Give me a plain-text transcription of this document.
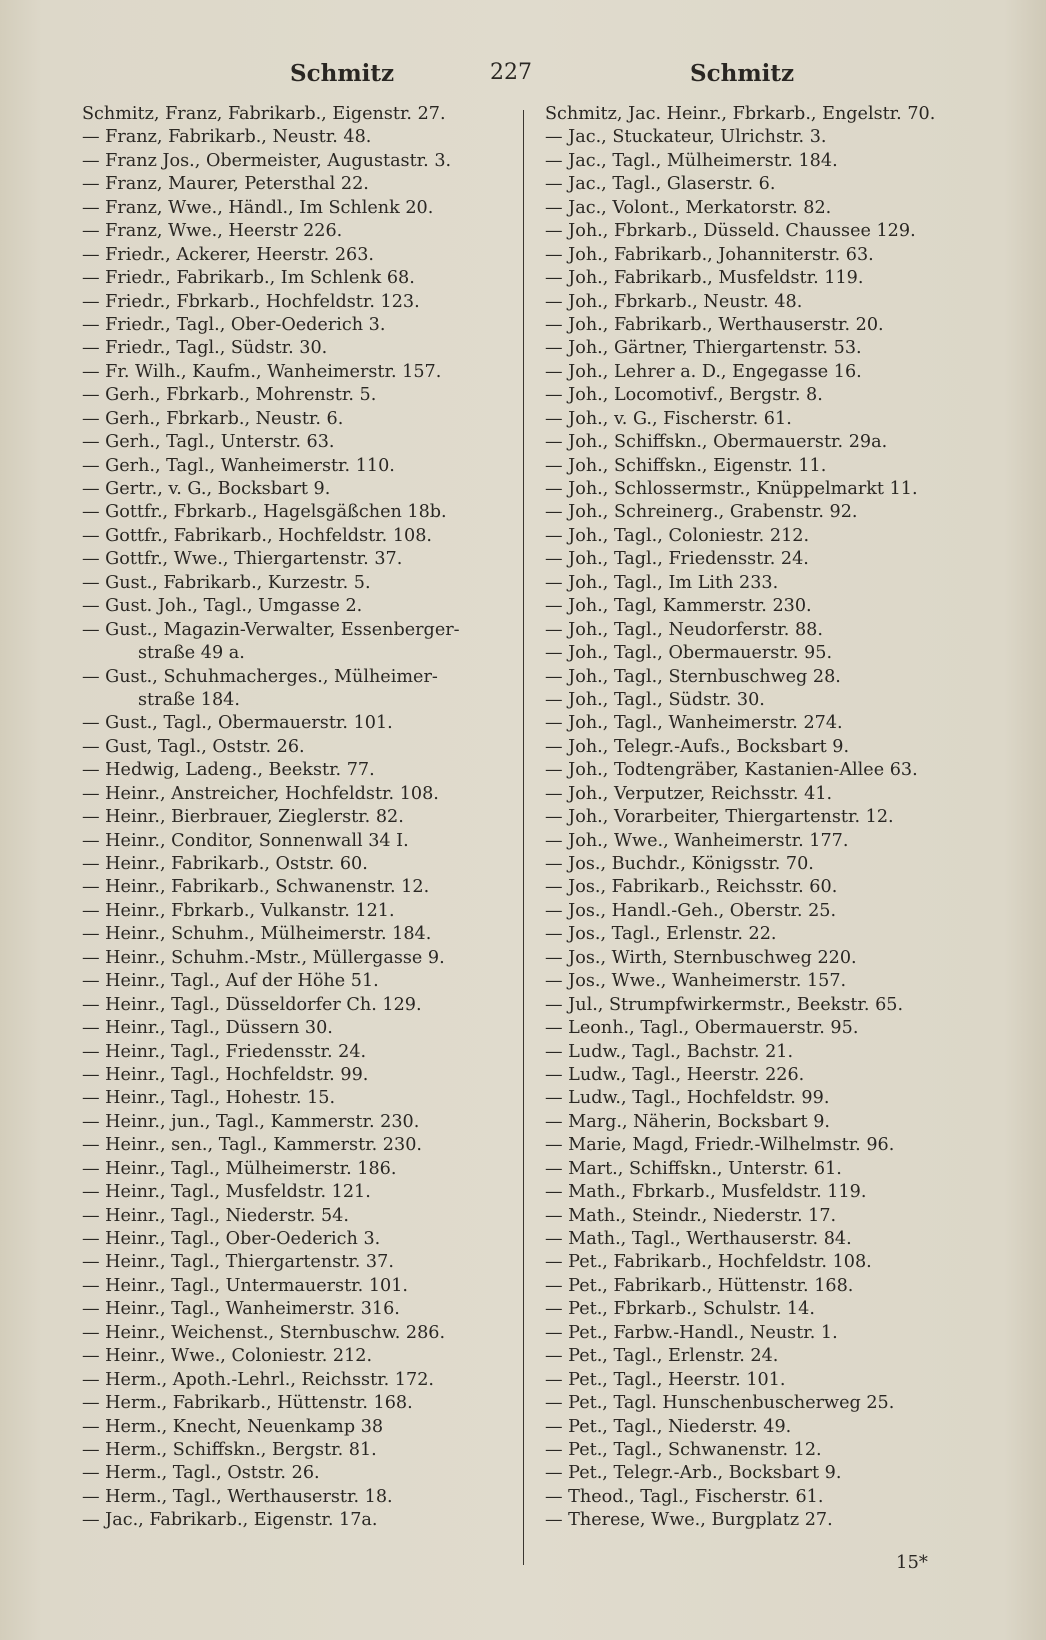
Schmitz	227	Schmitz
Schmitz, Franz, Fabrikarb., Eigenstr. 27.
— Franz, Fabrikarb., Neustr. 48.
— Franz Jos., Obermeister, Augustastr. 3.
— Franz, Maurer, Petersthal 22.
— Franz, Wwe., Händl., Im Schlenk 20.
— Franz, Wwe., Heerstr 226.
— Friedr., Ackerer, Heerstr. 263.
— Friedr., Fabrikarb., Im Schlenk 68.
— Friedr., Fbrkarb., Hochfeldstr. 123.
— Friedr., Tagl., Ober-Oederich 3.
— Friedr., Tagl., Südstr. 30.
— Fr. Wilh., Kaufm., Wanheimerstr. 157.
— Gerh., Fbrkarb., Mohrenstr. 5.
— Gerh., Fbrkarb., Neustr. 6.
— Gerh., Tagl., Unterstr. 63.
— Gerh., Tagl., Wanheimerstr. 110.
— Gertr., v. G., Bocksbart 9.
— Gottfr., Fbrkarb., Hagelsgäßchen 18b.
— Gottfr., Fabrikarb., Hochfeldstr. 108.
— Gottfr., Wwe., Thiergartenstr. 37.
— Gust., Fabrikarb., Kurzestr. 5.
— Gust. Joh., Tagl., Umgasse 2.
— Gust., Magazin-Verwalter, Essenberger-
straße 49 a.
— Gust., Schuhmacherges., Mülheimer-
straße 184.
— Gust., Tagl., Obermauerstr. 101.
— Gust, Tagl., Oststr. 26.
— Hedwig, Ladeng., Beekstr. 77.
— Heinr., Anstreicher, Hochfeldstr. 108.
— Heinr., Bierbrauer, Zieglerstr. 82.
— Heinr., Conditor, Sonnenwall 34 I.
— Heinr., Fabrikarb., Oststr. 60.
— Heinr., Fabrikarb., Schwanenstr. 12.
— Heinr., Fbrkarb., Vulkanstr. 121.
— Heinr., Schuhm., Mülheimerstr. 184.
— Heinr., Schuhm.-Mstr., Müllergasse 9.
— Heinr., Tagl., Auf der Höhe 51.
— Heinr., Tagl., Düsseldorfer Ch. 129.
— Heinr., Tagl., Düssern 30.
— Heinr., Tagl., Friedensstr. 24.
— Heinr., Tagl., Hochfeldstr. 99.
— Heinr., Tagl., Hohestr. 15.
— Heinr., jun., Tagl., Kammerstr. 230.
— Heinr., sen., Tagl., Kammerstr. 230.
— Heinr., Tagl., Mülheimerstr. 186.
— Heinr., Tagl., Musfeldstr. 121.
— Heinr., Tagl., Niederstr. 54.
— Heinr., Tagl., Ober-Oederich 3.
— Heinr., Tagl., Thiergartenstr. 37.
— Heinr., Tagl., Untermauerstr. 101.
— Heinr., Tagl., Wanheimerstr. 316.
— Heinr., Weichenst., Sternbuschw. 286.
— Heinr., Wwe., Coloniestr. 212.
— Herm., Apoth.-Lehrl., Reichsstr. 172.
— Herm., Fabrikarb., Hüttenstr. 168.
— Herm., Knecht, Neuenkamp 38
— Herm., Schiffskn., Bergstr. 81.
— Herm., Tagl., Oststr. 26.
— Herm., Tagl., Werthauserstr. 18.
— Jac., Fabrikarb., Eigenstr. 17a.
Schmitz, Jac. Heinr., Fbrkarb., Engelstr. 70.
— Jac., Stuckateur, Ulrichstr. 3.
— Jac., Tagl., Mülheimerstr. 184.
— Jac., Tagl., Glaserstr. 6.
— Jac., Volont., Merkatorstr. 82.
— Joh., Fbrkarb., Düsseld. Chaussee 129.
— Joh., Fabrikarb., Johanniterstr. 63.
— Joh., Fabrikarb., Musfeldstr. 119.
— Joh., Fbrkarb., Neustr. 48.
— Joh., Fabrikarb., Werthauserstr. 20.
— Joh., Gärtner, Thiergartenstr. 53.
— Joh., Lehrer a. D., Engegasse 16.
— Joh., Locomotivf., Bergstr. 8.
— Joh., v. G., Fischerstr. 61.
— Joh., Schiffskn., Obermauerstr. 29a.
— Joh., Schiffskn., Eigenstr. 11.
— Joh., Schlossermstr., Knüppelmarkt 11.
— Joh., Schreinerg., Grabenstr. 92.
— Joh., Tagl., Coloniestr. 212.
— Joh., Tagl., Friedensstr. 24.
— Joh., Tagl., Im Lith 233.
— Joh., Tagl, Kammerstr. 230.
— Joh., Tagl., Neudorferstr. 88.
— Joh., Tagl., Obermauerstr. 95.
— Joh., Tagl., Sternbuschweg 28.
— Joh., Tagl., Südstr. 30.
— Joh., Tagl., Wanheimerstr. 274.
— Joh., Telegr.-Aufs., Bocksbart 9.
— Joh., Todtengräber, Kastanien-Allee 63.
— Joh., Verputzer, Reichsstr. 41.
— Joh., Vorarbeiter, Thiergartenstr. 12.
— Joh., Wwe., Wanheimerstr. 177.
— Jos., Buchdr., Königsstr. 70.
— Jos., Fabrikarb., Reichsstr. 60.
— Jos., Handl.-Geh., Oberstr. 25.
— Jos., Tagl., Erlenstr. 22.
— Jos., Wirth, Sternbuschweg 220.
— Jos., Wwe., Wanheimerstr. 157.
— Jul., Strumpfwirkermstr., Beekstr. 65.
— Leonh., Tagl., Obermauerstr. 95.
— Ludw., Tagl., Bachstr. 21.
— Ludw., Tagl., Heerstr. 226.
— Ludw., Tagl., Hochfeldstr. 99.
— Marg., Näherin, Bocksbart 9.
— Marie, Magd, Friedr.-Wilhelmstr. 96.
— Mart., Schiffskn., Unterstr. 61.
— Math., Fbrkarb., Musfeldstr. 119.
— Math., Steindr., Niederstr. 17.
— Math., Tagl., Werthauserstr. 84.
— Pet., Fabrikarb., Hochfeldstr. 108.
— Pet., Fabrikarb., Hüttenstr. 168.
— Pet., Fbrkarb., Schulstr. 14.
— Pet., Farbw.-Handl., Neustr. 1.
— Pet., Tagl., Erlenstr. 24.
— Pet., Tagl., Heerstr. 101.
— Pet., Tagl. Hunschenbuscherweg 25.
— Pet., Tagl., Niederstr. 49.
— Pet., Tagl., Schwanenstr. 12.
— Pet., Telegr.-Arb., Bocksbart 9.
— Theod., Tagl., Fischerstr. 61.
— Therese, Wwe., Burgplatz 27.
15*
